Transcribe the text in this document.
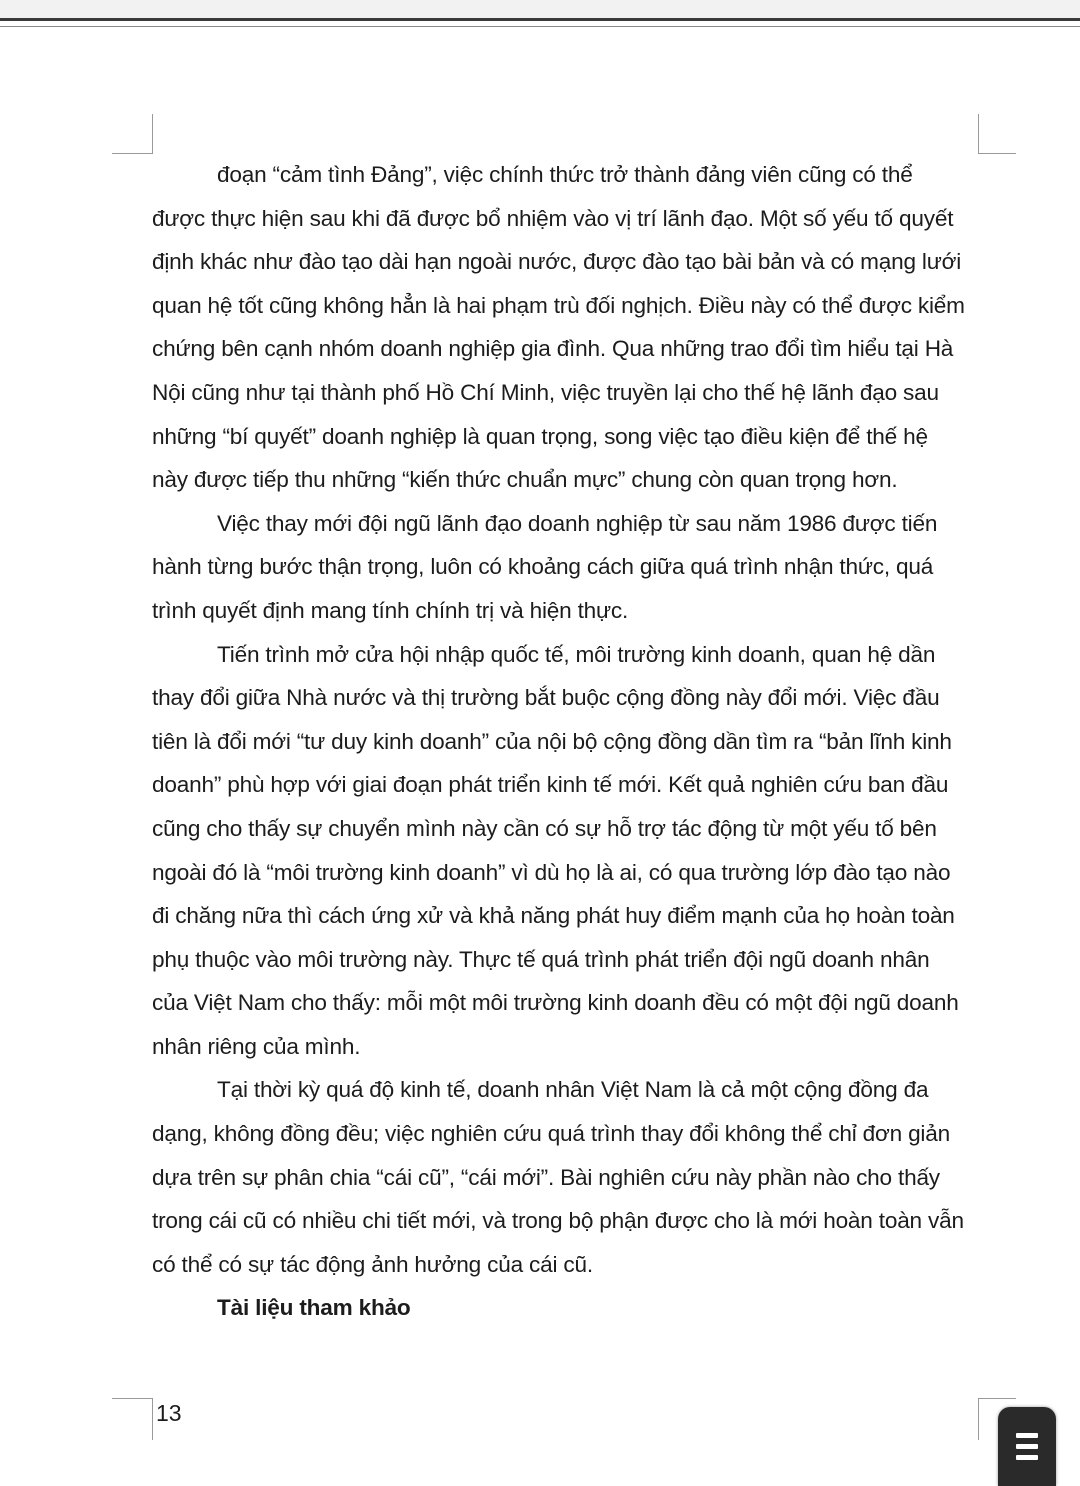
đoạn “cảm tình Đảng”, việc chính thức trở thành đảng viên cũng có thể được thực hiện sau khi đã được bổ nhiệm vào vị trí lãnh đạo. Một số yếu tố quyết định khác như đào tạo dài hạn ngoài nước, được đào tạo bài bản và có mạng lưới quan hệ tốt cũng không hẳn là hai phạm trù đối nghịch. Điều này có thể được kiểm chứng bên cạnh nhóm doanh nghiệp gia đình. Qua những trao đổi tìm hiểu tại Hà Nội cũng như tại thành phố Hồ Chí Minh, việc truyền lại cho thế hệ lãnh đạo sau những “bí quyết” doanh nghiệp là quan trọng, song việc tạo điều kiện để thế hệ này được tiếp thu những “kiến thức chuẩn mực” chung còn quan trọng hơn.

Việc thay mới đội ngũ lãnh đạo doanh nghiệp từ sau năm 1986 được tiến hành từng bước thận trọng, luôn có khoảng cách giữa quá trình nhận thức, quá trình quyết định mang tính chính trị và hiện thực.

Tiến trình mở cửa hội nhập quốc tế, môi trường kinh doanh, quan hệ dần thay đổi giữa Nhà nước và thị trường bắt buộc cộng đồng này đổi mới. Việc đầu tiên là đổi mới “tư duy kinh doanh” của nội bộ cộng đồng dần tìm ra “bản lĩnh kinh doanh” phù hợp với giai đoạn phát triển kinh tế mới. Kết quả nghiên cứu ban đầu cũng cho thấy sự chuyển mình này cần có sự hỗ trợ tác động từ một yếu tố bên ngoài đó là “môi trường kinh doanh” vì dù họ là ai, có qua trường lớp đào tạo nào đi chăng nữa thì cách ứng xử và khả năng phát huy điểm mạnh của họ hoàn toàn phụ thuộc vào môi trường này. Thực tế quá trình phát triển đội ngũ doanh nhân của Việt Nam cho thấy: mỗi một môi trường kinh doanh đều có một đội ngũ doanh nhân riêng của mình.

Tại thời kỳ quá độ kinh tế, doanh nhân Việt Nam là cả một cộng đồng đa dạng, không đồng đều; việc nghiên cứu quá trình thay đổi không thể chỉ đơn giản dựa trên sự phân chia “cái cũ”, “cái mới”. Bài nghiên cứu này phần nào cho thấy trong cái cũ có nhiều chi tiết mới, và trong bộ phận được cho là mới hoàn toàn vẫn có thể có sự tác động ảnh hưởng của cái cũ.

Tài liệu tham khảo
13
